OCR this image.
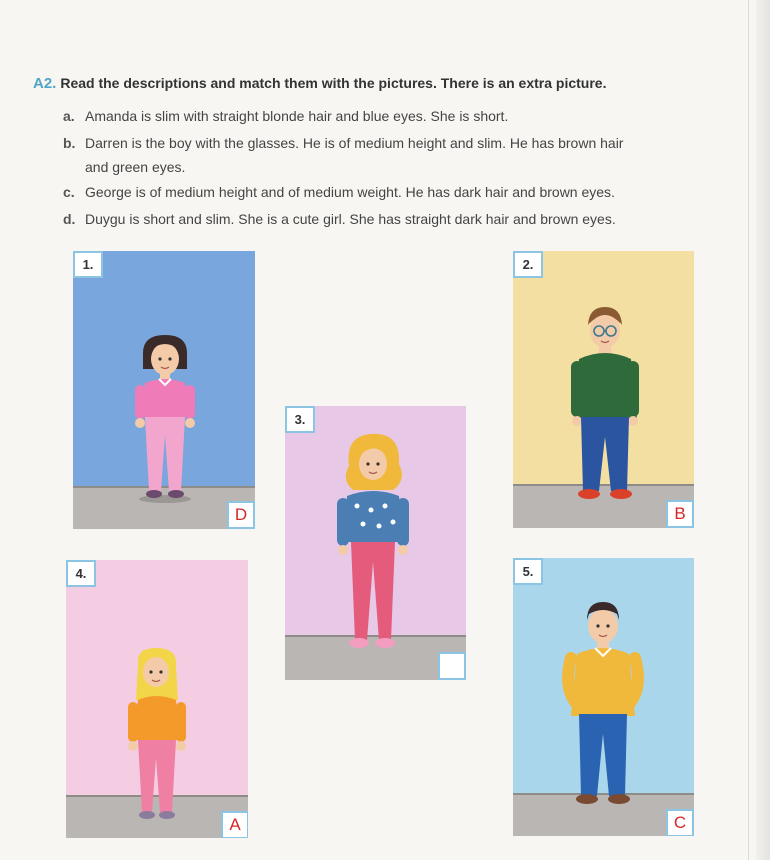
A2. Read the descriptions and match them with the pictures. There is an extra picture.
a. Amanda is slim with straight blonde hair and blue eyes. She is short.
b. Darren is the boy with the glasses. He is of medium height and slim. He has brown hair
and green eyes.
c. George is of medium height and of medium weight. He has dark hair and brown eyes.
d. Duygu is short and slim. She is a cute girl. She has straight dark hair and brown eyes.
1.
D
2.
B
3.
4.
A
5.
C
